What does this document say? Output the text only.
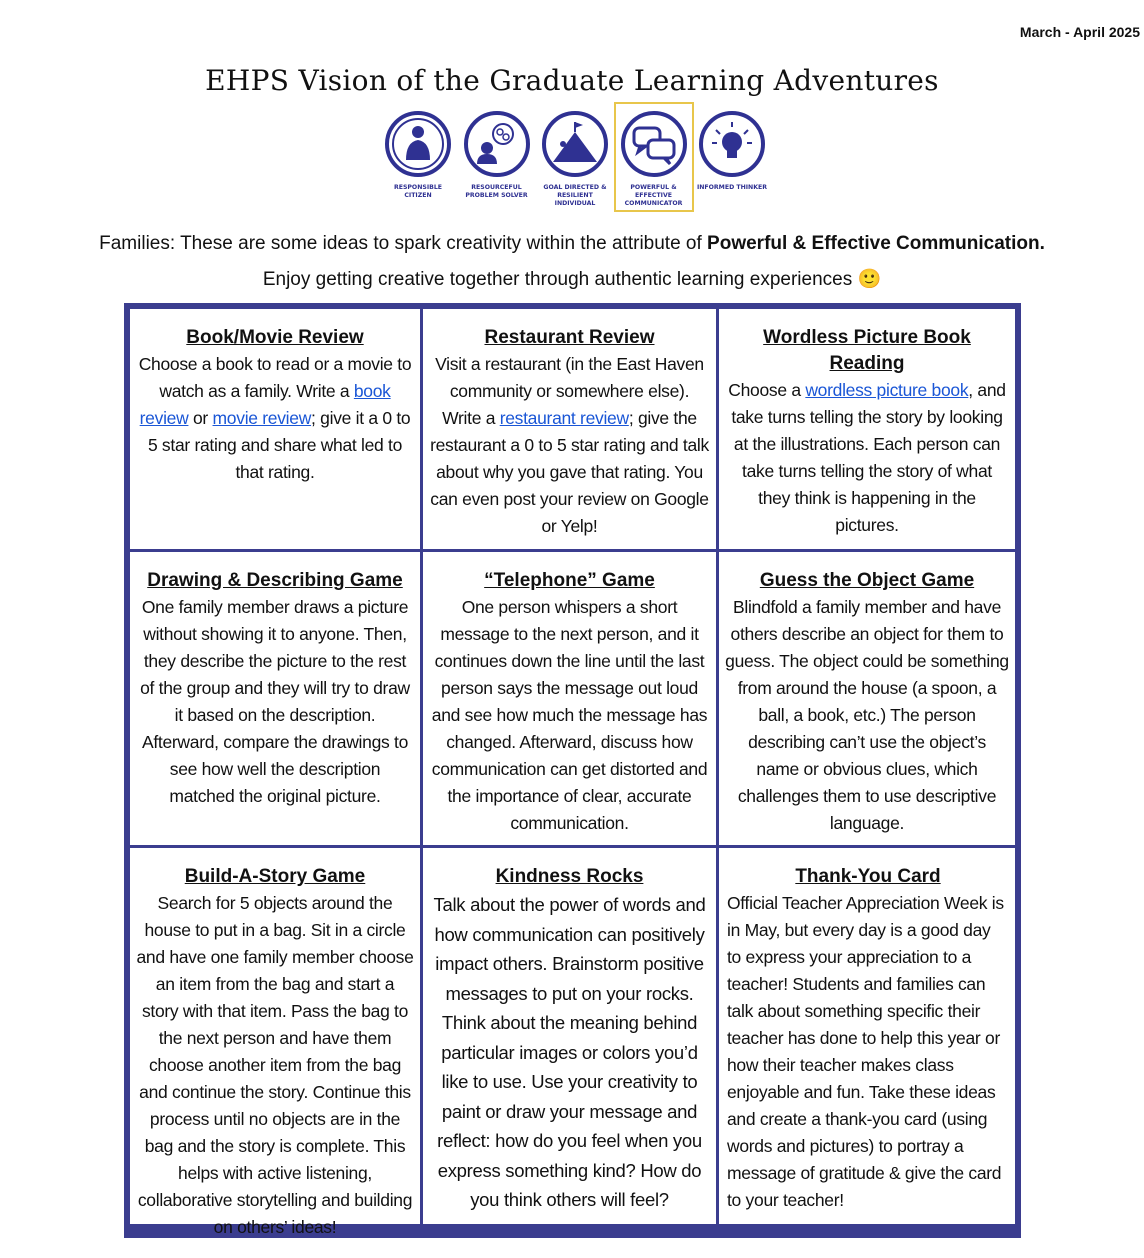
March - April 2025
EHPS Vision of the Graduate Learning Adventures
RESPONSIBLE CITIZEN
RESOURCEFUL PROBLEM SOLVER
GOAL DIRECTED & RESILIENT INDIVIDUAL
POWERFUL & EFFECTIVE COMMUNICATOR
INFORMED THINKER
Families: These are some ideas to spark creativity within the attribute of Powerful & Effective Communication.
Enjoy getting creative together through authentic learning experiences 🙂
Book/Movie Review
Choose a book to read or a movie to watch as a family. Write a book review or movie review; give it a 0 to 5 star rating and share what led to that rating.
Restaurant Review
Visit a restaurant (in the East Haven community or somewhere else). Write a restaurant review; give the restaurant a 0 to 5 star rating and talk about why you gave that rating. You can even post your review on Google or Yelp!
Wordless Picture Book Reading
Choose a wordless picture book, and take turns telling the story by looking at the illustrations. Each person can take turns telling the story of what they think is happening in the pictures.
Drawing & Describing Game
One family member draws a picture without showing it to anyone. Then, they describe the picture to the rest of the group and they will try to draw it based on the description. Afterward, compare the drawings to see how well the description matched the original picture.
“Telephone” Game
One person whispers a short message to the next person, and it continues down the line until the last person says the message out loud and see how much the message has changed. Afterward, discuss how communication can get distorted and the importance of clear, accurate communication.
Guess the Object Game
Blindfold a family member and have others describe an object for them to guess. The object could be something from around the house (a spoon, a ball, a book, etc.) The person describing can’t use the object’s name or obvious clues, which challenges them to use descriptive language.
Build-A-Story Game
Search for 5 objects around the house to put in a bag. Sit in a circle and have one family member choose an item from the bag and start a story with that item. Pass the bag to the next person and have them choose another item from the bag and continue the story. Continue this process until no objects are in the bag and the story is complete. This helps with active listening, collaborative storytelling and building on others’ ideas!
Kindness Rocks
Talk about the power of words and how communication can positively impact others. Brainstorm positive messages to put on your rocks. Think about the meaning behind particular images or colors you’d like to use. Use your creativity to paint or draw your message and reflect: how do you feel when you express something kind? How do you think others will feel?
Thank-You Card
Official Teacher Appreciation Week is in May, but every day is a good day to express your appreciation to a teacher! Students and families can talk about something specific their teacher has done to help this year or how their teacher makes class enjoyable and fun. Take these ideas and create a thank-you card (using words and pictures) to portray a message of gratitude & give the card to your teacher!
